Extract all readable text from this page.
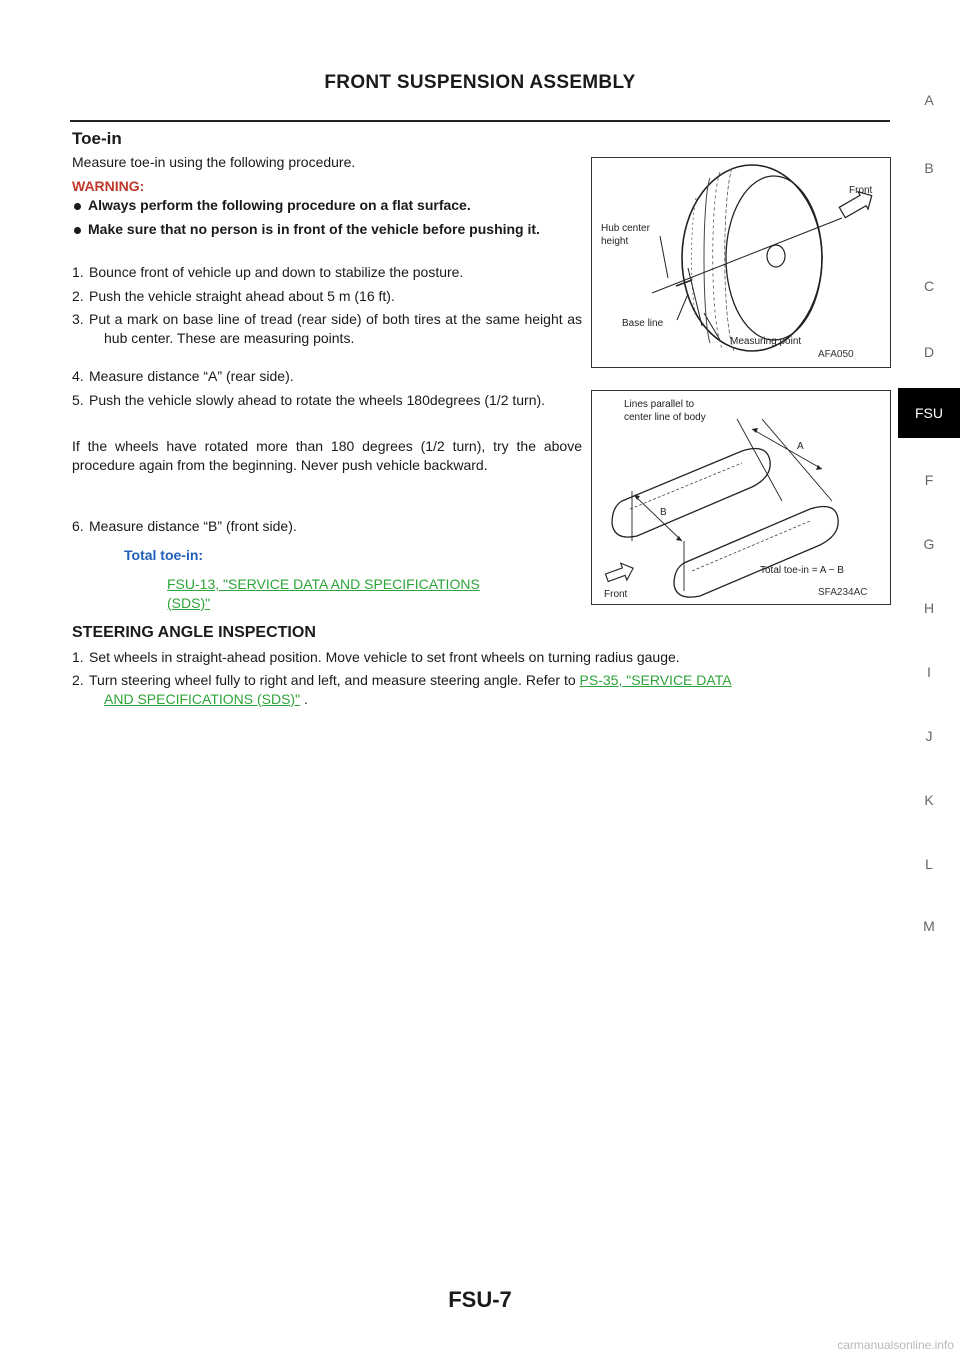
FRONT SUSPENSION ASSEMBLY
Toe-in
Measure toe-in using the following procedure.
WARNING:
Always perform the following procedure on a flat surface.
Make sure that no person is in front of the vehicle before pushing it.
1. Bounce front of vehicle up and down to stabilize the posture.
2. Push the vehicle straight ahead about 5 m (16 ft).
3. Put a mark on base line of tread (rear side) of both tires at the same height as hub center. These are measuring points.
Front
Hub center
height
Base line
Measuring point
AFA050
4. Measure distance “A” (rear side).
5. Push the vehicle slowly ahead to rotate the wheels 180degrees (1/2 turn).
If the wheels have rotated more than 180 degrees (1/2 turn), try the above procedure again from the beginning. Never push vehicle backward.
6. Measure distance “B” (front side).
Total toe-in:
FSU-13, "SERVICE DATA AND SPECIFICATIONS
(SDS)"
Lines parallel to
center line of body
A
B
Total toe-in = A − B
Front	SFA234AC
STEERING ANGLE INSPECTION
1. Set wheels in straight-ahead position. Move vehicle to set front wheels on turning radius gauge.
2. Turn steering wheel fully to right and left, and measure steering angle. Refer to PS-35, "SERVICE DATA
AND SPECIFICATIONS (SDS)" .
A
B
C
D
FSU
F
G
H
I
J
K
L
M
FSU-7
carmanualsonline.info
